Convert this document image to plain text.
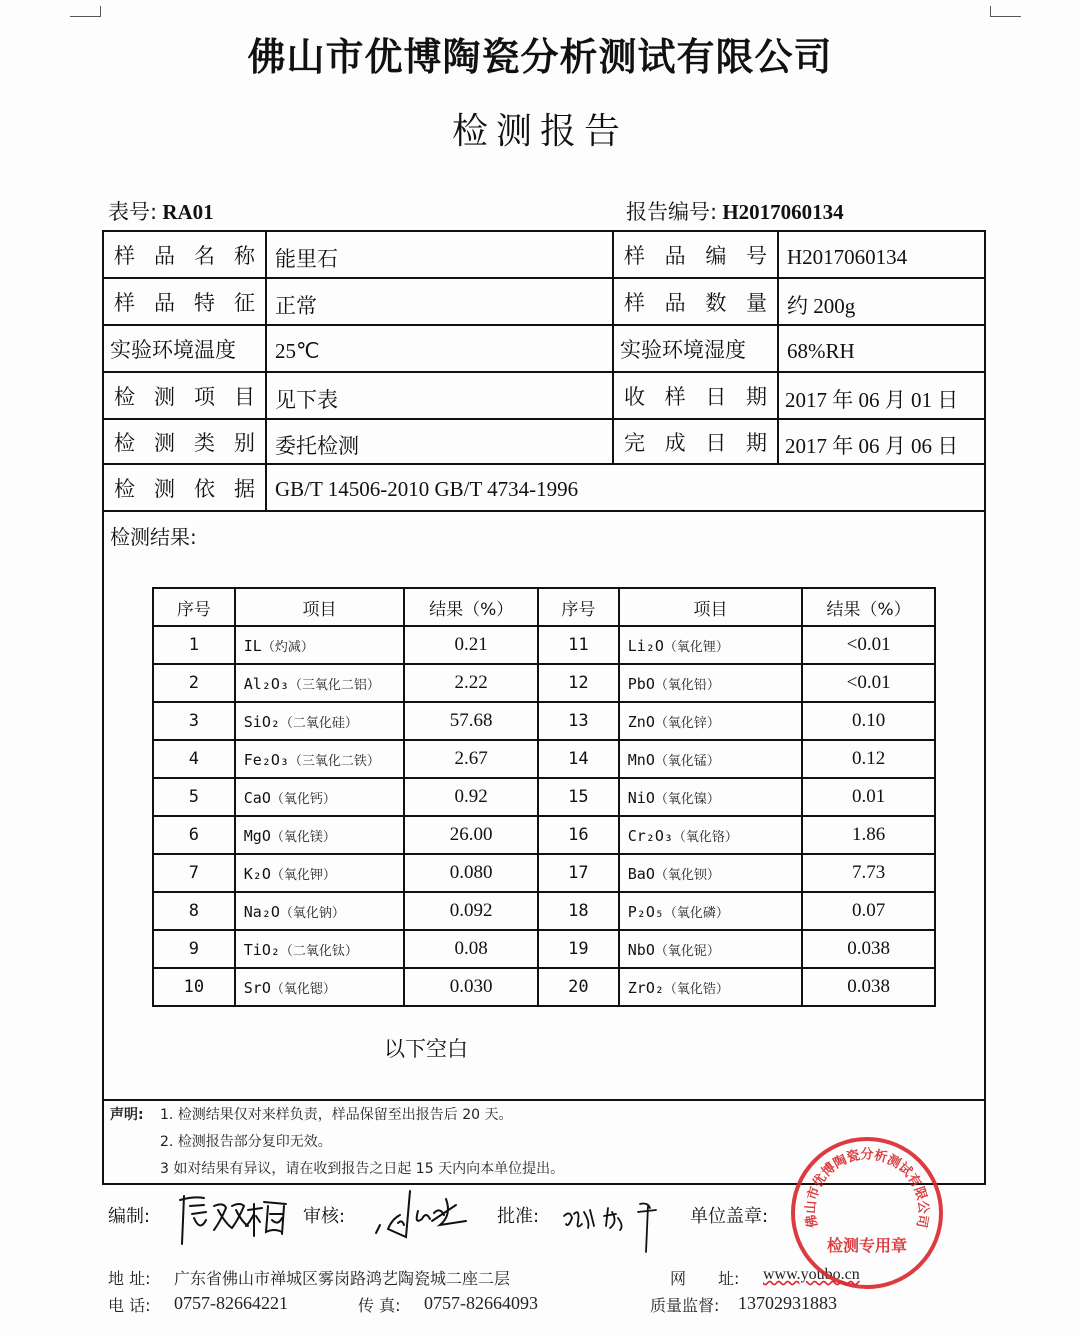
佛山市优博陶瓷分析测试有限公司
检测报告
表号: RA01	报告编号: H2017060134
样 品 名 称 能里石	样 品 编 号 H2017060134
样 品 特 征 正常	样 品 数 量 约 200g
实验环境温度	25℃	实验环境湿度	68%RH
检 测 项 目 见下表	收 样 日 期 2017 年 06 月 01 日
检 测 类 别 委托检测	完 成 日 期 2017 年 06 月 06 日
检 测 依 据 GB/T 14506-2010 GB/T 4734-1996
检测结果:
序号	项目	结果（%）	序号	项目	结果（%）
1	IL（灼减）	0.21	11	Li₂O（氧化锂）	<0.01
2	Al₂O₃（三氧化二铝）	2.22	12	PbO（氧化铅）	<0.01
3	SiO₂（二氧化硅）	57.68	13	ZnO（氧化锌）	0.10
4	Fe₂O₃（三氧化二铁）	2.67	14	MnO（氧化锰）	0.12
5	CaO（氧化钙）	0.92	15	NiO（氧化镍）	0.01
6	MgO（氧化镁）	26.00	16	Cr₂O₃（氧化铬）	1.86
7	K₂O（氧化钾）	0.080	17	BaO（氧化钡）	7.73
8	Na₂O（氧化钠）	0.092	18	P₂O₅（氧化磷）	0.07
9	TiO₂（二氧化钛）	0.08	19	NbO（氧化铌）	0.038
10	SrO（氧化锶）	0.030	20	ZrO₂（氧化锆）	0.038
以下空白
声明: 1. 检测结果仅对来样负责，样品保留至出报告后 20 天。
2. 检测报告部分复印无效。
3 如对结果有异议，请在收到报告之日起 15 天内向本单位提出。
编制:	审核:	批准:	单位盖章:
地 址: 广东省佛山市禅城区雾岗路鸿艺陶瓷城二座二层	网　　址: www.youbo.cn
电 话: 0757-82664221	传 真: 0757-82664093	质量监督: 13702931883
佛山市优博陶瓷分析测试有限公司
检测专用章
